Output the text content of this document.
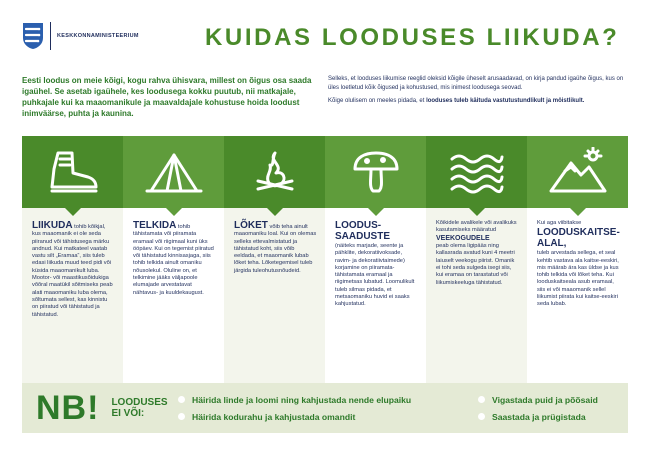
KESKKONNAMINISTEERIUM	KUIDAS LOODUSES LIIKUDA?
Eesti loodus on meie kõigi, kogu rahva ühisvara, millest on õigus osa saada igaühel. Se asetab igaühele, kes loodusega kokku puutub, nii matkajale, puhkajale kui ka maaomanikule ja maavaldajale kohustuse hoida loodust inimväärse, puhta ja kaunina.

Selleks, et looduses liikumise reeglid oleksid kõigile üheselt arusaadavad, on kirja pandud igaühe õigus, kus on üles loetletud kõik õigused ja kohustused, mis inimest loodusega seovad.

Kõige olulisem on meeles pidada, et looduses tuleb käituda vastutustundlikult ja möistlikult.

LIIKUDA tohib kõikjal, kus maaomanik ei ole seda piiranud või tähistusega märku andnud. Kui matkateel vaatab vastu silt „Eramaa“, siis tuleb edasi liikuda muud teed pidi või küsida maaomanikult luba. Mootor- või maastikusõidukiga võõral maatükil sõitmiseks peab alati maaomaniku luba olema, sõltumata sellest, kas kinnistu on piiratud või tähistatud ja tähistatud.
TELKIDA tohib tähistamata või piiramata eramaal või riigimaal kuni üks ööpäev. Kui on tegemist piiratud või tähistatud kinnisasjaga, siis tohib telkida ainult omaniku nõusolekul. Oluline on, et telkimine jääks väljapoole elumajade arvestatavat nähtavus- ja kuuldekaugust.
LÕKET võib teha ainult maaomaniku loal. Kui on olemas selleks ettevalmistatud ja tähistatud koht, siis võib eeldada, et maaomanik lubab lõket teha. Lõketegemisel tuleb järgida tuleohutusnõudeid.
LOODUS-SAADUSTE
(näiteks marjade, seente ja pähklite, dekoratiivoksade, ravim- ja dekoratiivtaimede) korjamine on piiramata-tähistamata eramaal ja riigimetsas lubatud. Loomulikult tuleb silmas pidada, et metsaomaniku huvid ei saaks kahjustatud.
Kõikidele avalikele või avalikuks kasutamiseks määratud
VEEKOGUDELE
peab olema ligipääs ning kallasrada avatud kuni 4 meetri laiuselt veekogu piirist. Omanik ei tohi seda sulgeda isegi siis, kui eramaa on tarastatud või liikumiskeeluga tähistatud.
Kui aga viibitakse
LOODUSKAITSE-ALAL,
tuleb arvestada sellega, et seal kehtib vastava ala kaitse-eeskiri, mis määrab ära kas üldse ja kus tohib telkida või lõket teha. Kui looduskaitseala asub eramaal, siis ei või maaomanik sellel liikumist piirata kui kaitse-eeskiri seda lubab.
NB! LOODUSES EI VÕI:
Häirida linde ja loomi ning kahjustada nende elupaiku	Vigastada puid ja põõsaid
Häirida kodurahu ja kahjustada omandit	Saastada ja prügistada
